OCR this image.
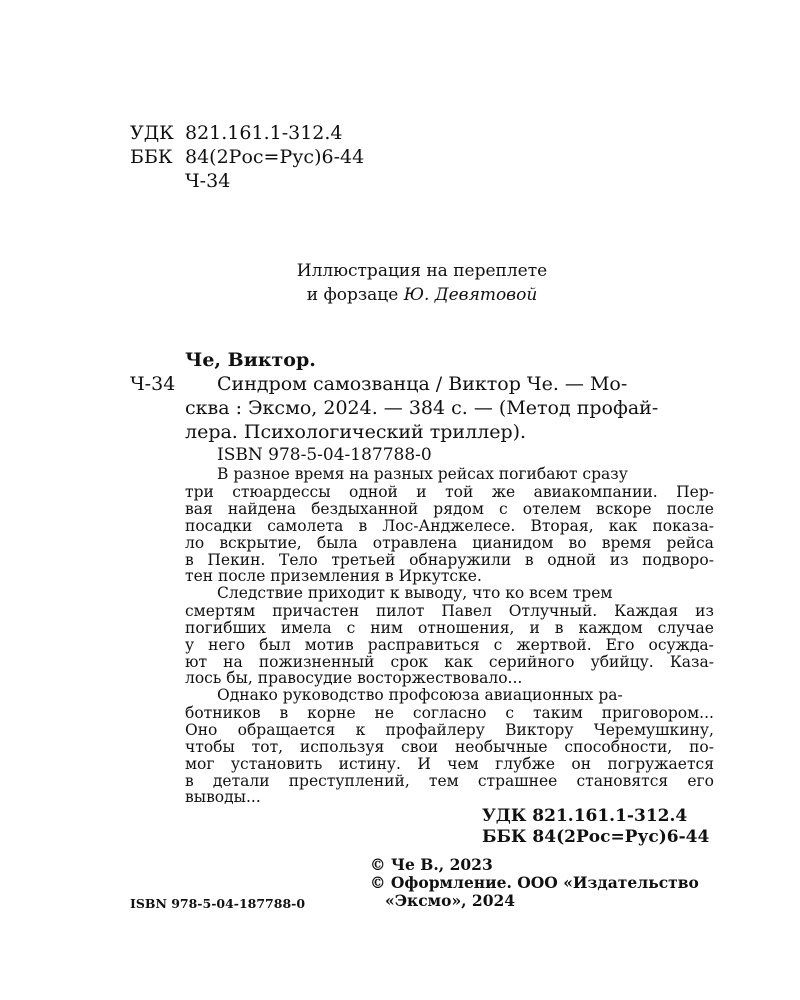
УДК 821.161.1-312.4
ББК 84(2Рос=Рус)6-44
Ч-34
Иллюстрация на переплете
и форзаце Ю. Девятовой
Че, Виктор.
Ч-34 Синдром самозванца / Виктор Че. — Мо-
сква : Эксмо, 2024. — 384 с. — (Метод профай-
лера. Психологический триллер).
ISBN 978-5-04-187788-0
В разное время на разных рейсах погибают сразу
три стюардессы одной и той же авиакомпании. Пер-
вая найдена бездыханной рядом с отелем вскоре после
посадки самолета в Лос-Анджелесе. Вторая, как показа-
ло вскрытие, была отравлена цианидом во время рейса
в Пекин. Тело третьей обнаружили в одной из подворо-
тен после приземления в Иркутске.
Следствие приходит к выводу, что ко всем трем
смертям причастен пилот Павел Отлучный. Каждая из
погибших имела с ним отношения, и в каждом случае
у него был мотив расправиться с жертвой. Его осуждa-
ют на пожизненный срок как серийного убийцу. Каза-
лось бы, правосудие восторжествовало...
Однако руководство профсоюза авиационных ра-
ботников в корне не согласно с таким приговором...
Оно обращается к профайлеру Виктору Черемушкину,
чтобы тот, используя свои необычные способности, по-
мог установить истину. И чем глубже он погружается
в детали преступлений, тем страшнее становятся его
выводы...
УДК 821.161.1-312.4
ББК 84(2Рос=Рус)6-44
© Че В., 2023
© Оформление. ООО «Издательство
«Эксмо», 2024
ISBN 978-5-04-187788-0
